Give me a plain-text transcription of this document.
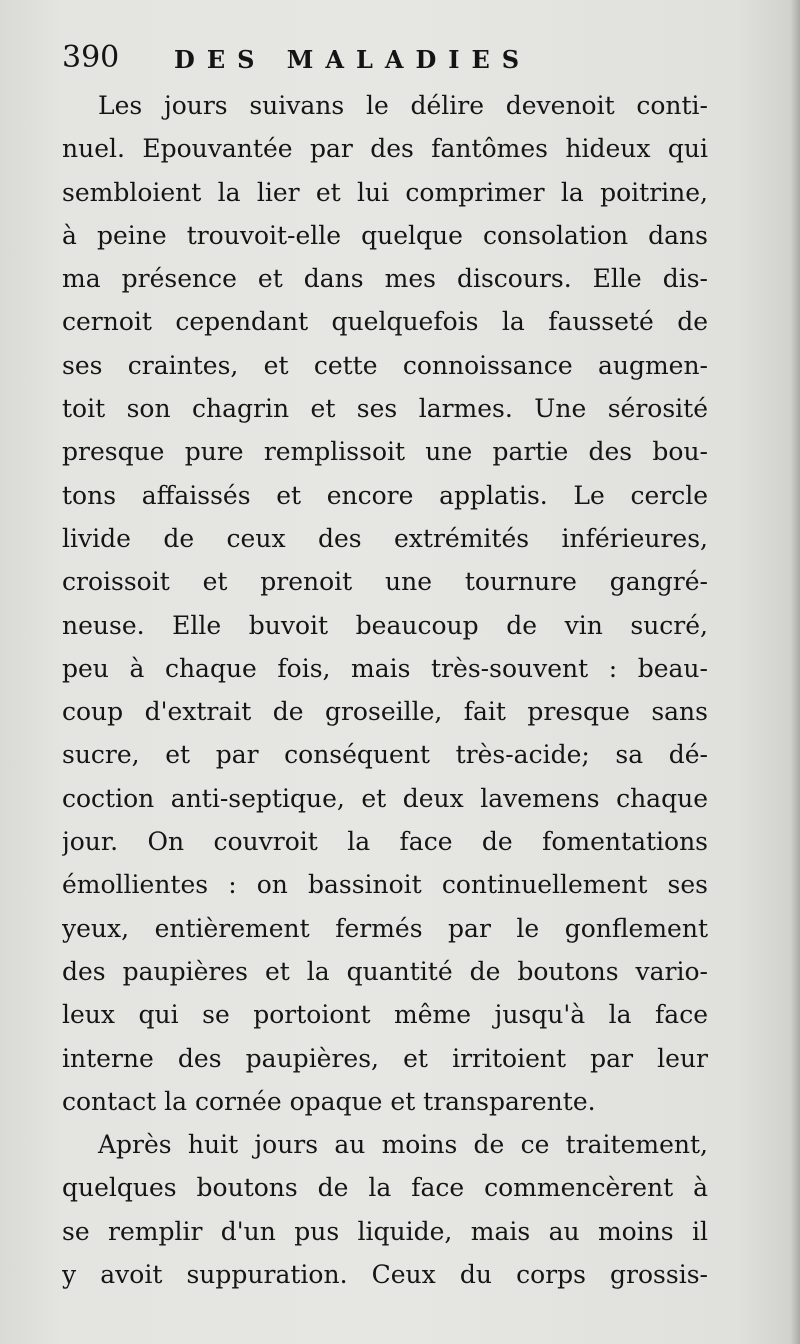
390 DES MALADIES
Les jours suivans le délire devenoit conti-
nuel. Epouvantée par des fantômes hideux qui
sembloient la lier et lui comprimer la poitrine,
à peine trouvoit-elle quelque consolation dans
ma présence et dans mes discours. Elle dis-
cernoit cependant quelquefois la fausseté de
ses craintes, et cette connoissance augmen-
toit son chagrin et ses larmes. Une sérosité
presque pure remplissoit une partie des bou-
tons affaissés et encore applatis. Le cercle
livide de ceux des extrémités inférieures,
croissoit et prenoit une tournure gangré-
neuse. Elle buvoit beaucoup de vin sucré,
peu à chaque fois, mais très-souvent : beau-
coup d'extrait de groseille, fait presque sans
sucre, et par conséquent très-acide; sa dé-
coction anti-septique, et deux lavemens chaque
jour. On couvroit la face de fomentations
émollientes : on bassinoit continuellement ses
yeux, entièrement fermés par le gonflement
des paupières et la quantité de boutons vario-
leux qui se portoiont même jusqu'à la face
interne des paupières, et irritoient par leur
contact la cornée opaque et transparente.
Après huit jours au moins de ce traitement,
quelques boutons de la face commencèrent à
se remplir d'un pus liquide, mais au moins il
y avoit suppuration. Ceux du corps grossis-
